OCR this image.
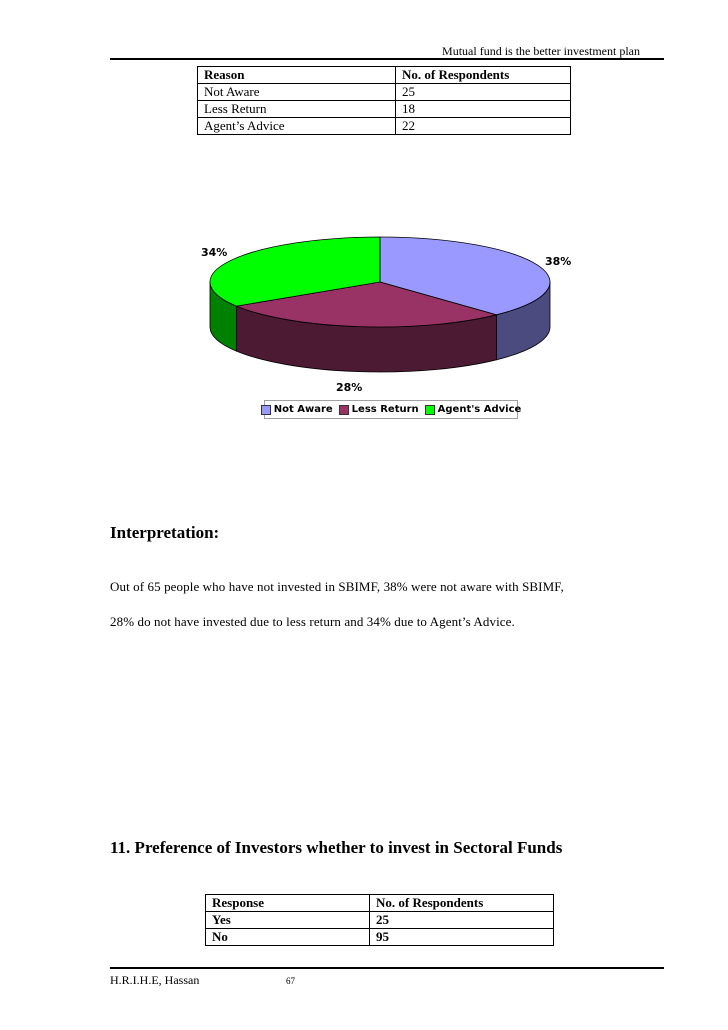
Mutual fund is the better investment plan
Reason	No. of Respondents
Not Aware	25
Less Return	18
Agent’s Advice	22
38%
28%
34%
Not Aware Less Return Agent's Advice
Interpretation:
Out of 65 people who have not invested in SBIMF, 38% were not aware with SBIMF,
28% do not have invested due to less return and 34% due to Agent’s Advice.
11. Preference of Investors whether to invest in Sectoral Funds
Response	No. of Respondents
Yes	25
No	95
H.R.I.H.E, Hassan	67
